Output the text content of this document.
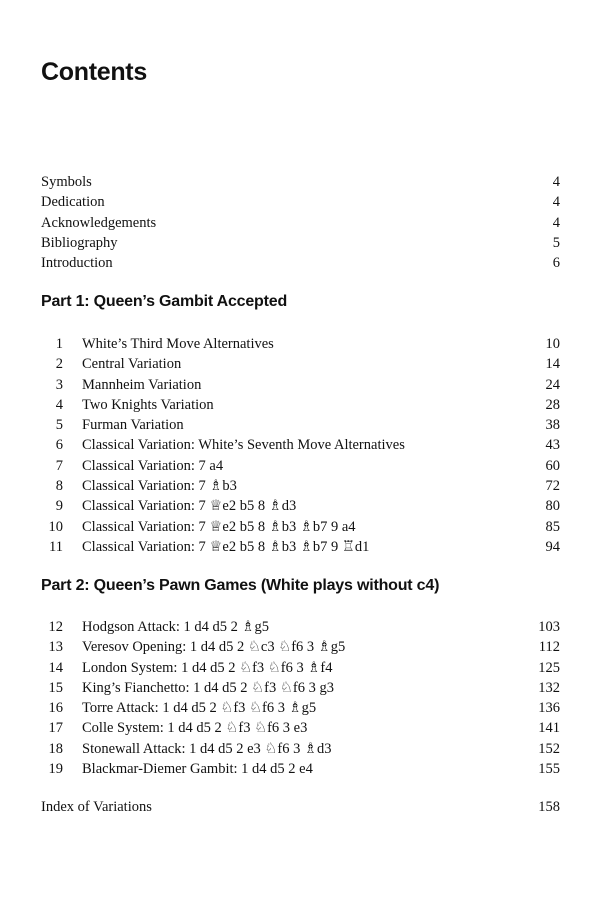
Contents
Symbols	4
Dedication	4
Acknowledgements	4
Bibliography	5
Introduction	6
Part 1: Queen’s Gambit Accepted
1 White’s Third Move Alternatives	10
2 Central Variation	14
3 Mannheim Variation	24
4 Two Knights Variation	28
5 Furman Variation	38
6 Classical Variation: White’s Seventh Move Alternatives	43
7 Classical Variation: 7 a4	60
8 Classical Variation: 7 ♗b3	72
9 Classical Variation: 7 ♕e2 b5 8 ♗d3	80
10 Classical Variation: 7 ♕e2 b5 8 ♗b3 ♗b7 9 a4	85
11 Classical Variation: 7 ♕e2 b5 8 ♗b3 ♗b7 9 ♖d1	94
Part 2: Queen’s Pawn Games (White plays without c4)
12 Hodgson Attack: 1 d4 d5 2 ♗g5	103
13 Veresov Opening: 1 d4 d5 2 ♘c3 ♘f6 3 ♗g5	112
14 London System: 1 d4 d5 2 ♘f3 ♘f6 3 ♗f4	125
15 King’s Fianchetto: 1 d4 d5 2 ♘f3 ♘f6 3 g3	132
16 Torre Attack: 1 d4 d5 2 ♘f3 ♘f6 3 ♗g5	136
17 Colle System: 1 d4 d5 2 ♘f3 ♘f6 3 e3	141
18 Stonewall Attack: 1 d4 d5 2 e3 ♘f6 3 ♗d3	152
19 Blackmar-Diemer Gambit: 1 d4 d5 2 e4	155
Index of Variations	158
